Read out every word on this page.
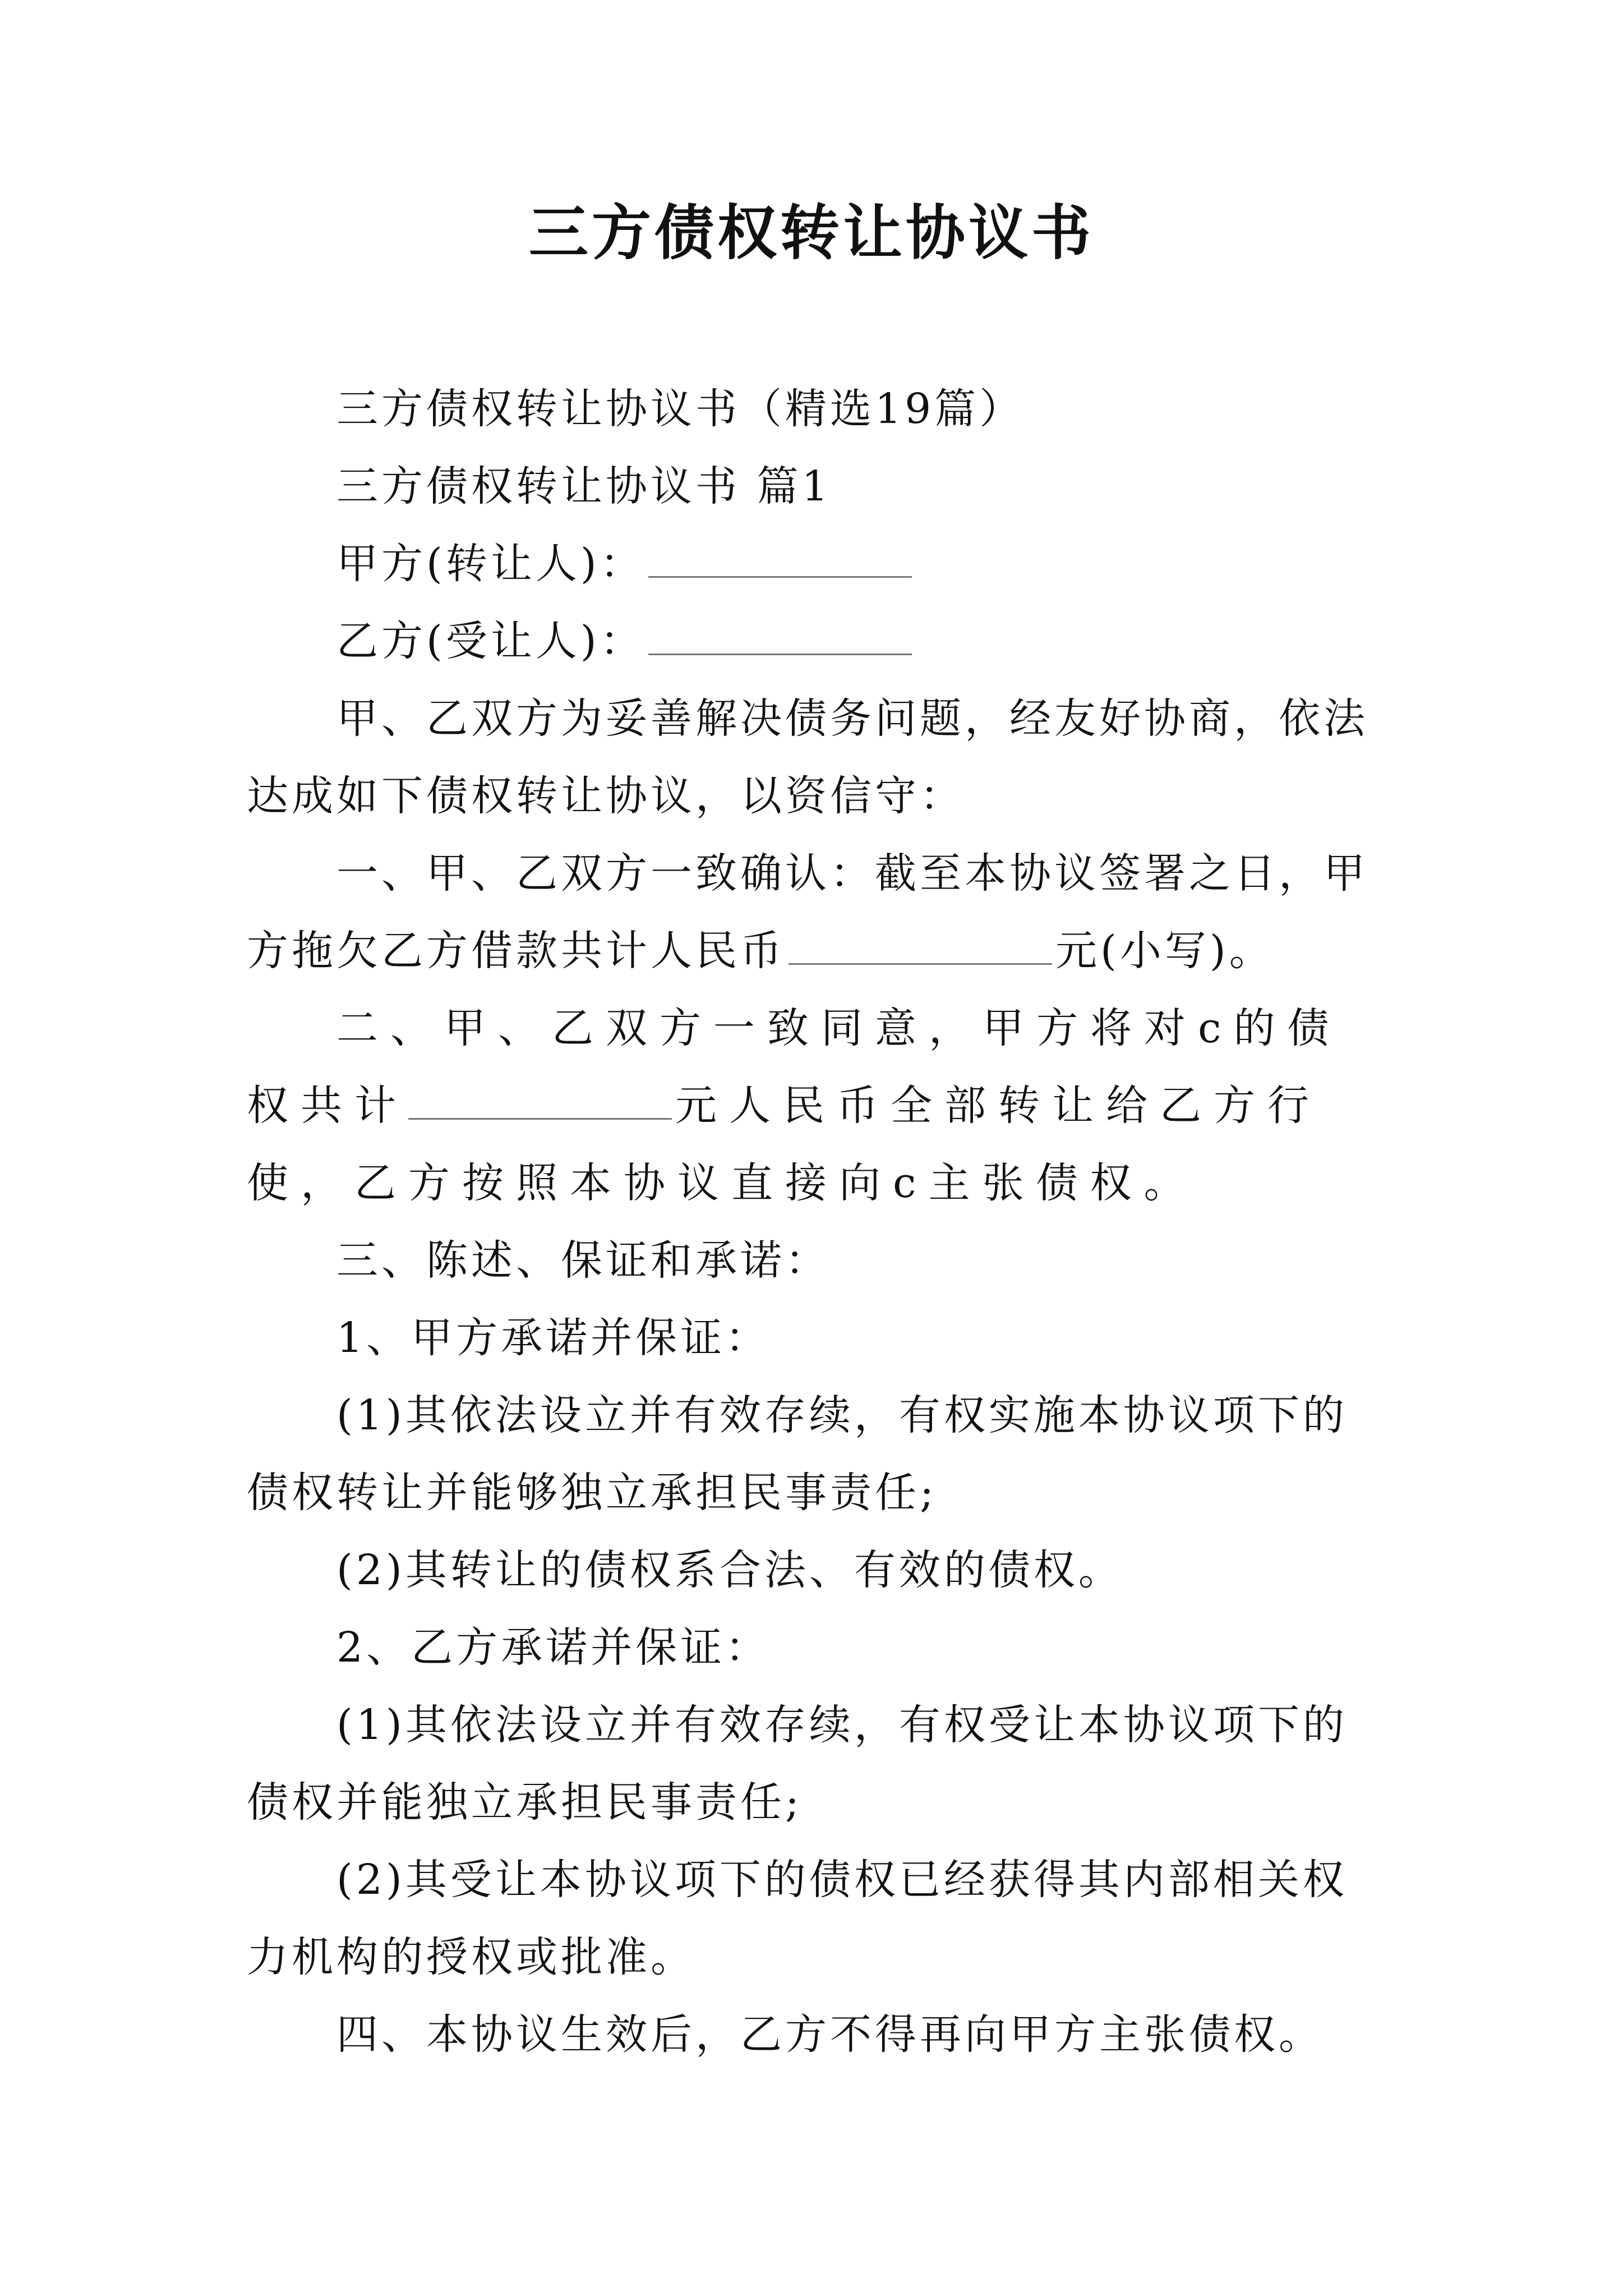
三方债权转让协议书

三方债权转让协议书（精选19篇）

三方债权转让协议书 篇1

甲方(转让人)：

乙方(受让人)：

甲、乙双方为妥善解决债务问题，经友好协商，依法达成如下债权转让协议，以资信守：

一、甲、乙双方一致确认：截至本协议签署之日，甲方拖欠乙方借款共计人民币	元(小写)。

二、甲、乙双方一致同意，甲方将对c的债权共计	元人民币全部转让给乙方行使，乙方按照本协议直接向c主张债权。

三、陈述、保证和承诺：

1、甲方承诺并保证：

(1)其依法设立并有效存续，有权实施本协议项下的债权转让并能够独立承担民事责任;

(2)其转让的债权系合法、有效的债权。

2、乙方承诺并保证：

(1)其依法设立并有效存续，有权受让本协议项下的债权并能独立承担民事责任;

(2)其受让本协议项下的债权已经获得其内部相关权力机构的授权或批准。

四、本协议生效后，乙方不得再向甲方主张债权。
